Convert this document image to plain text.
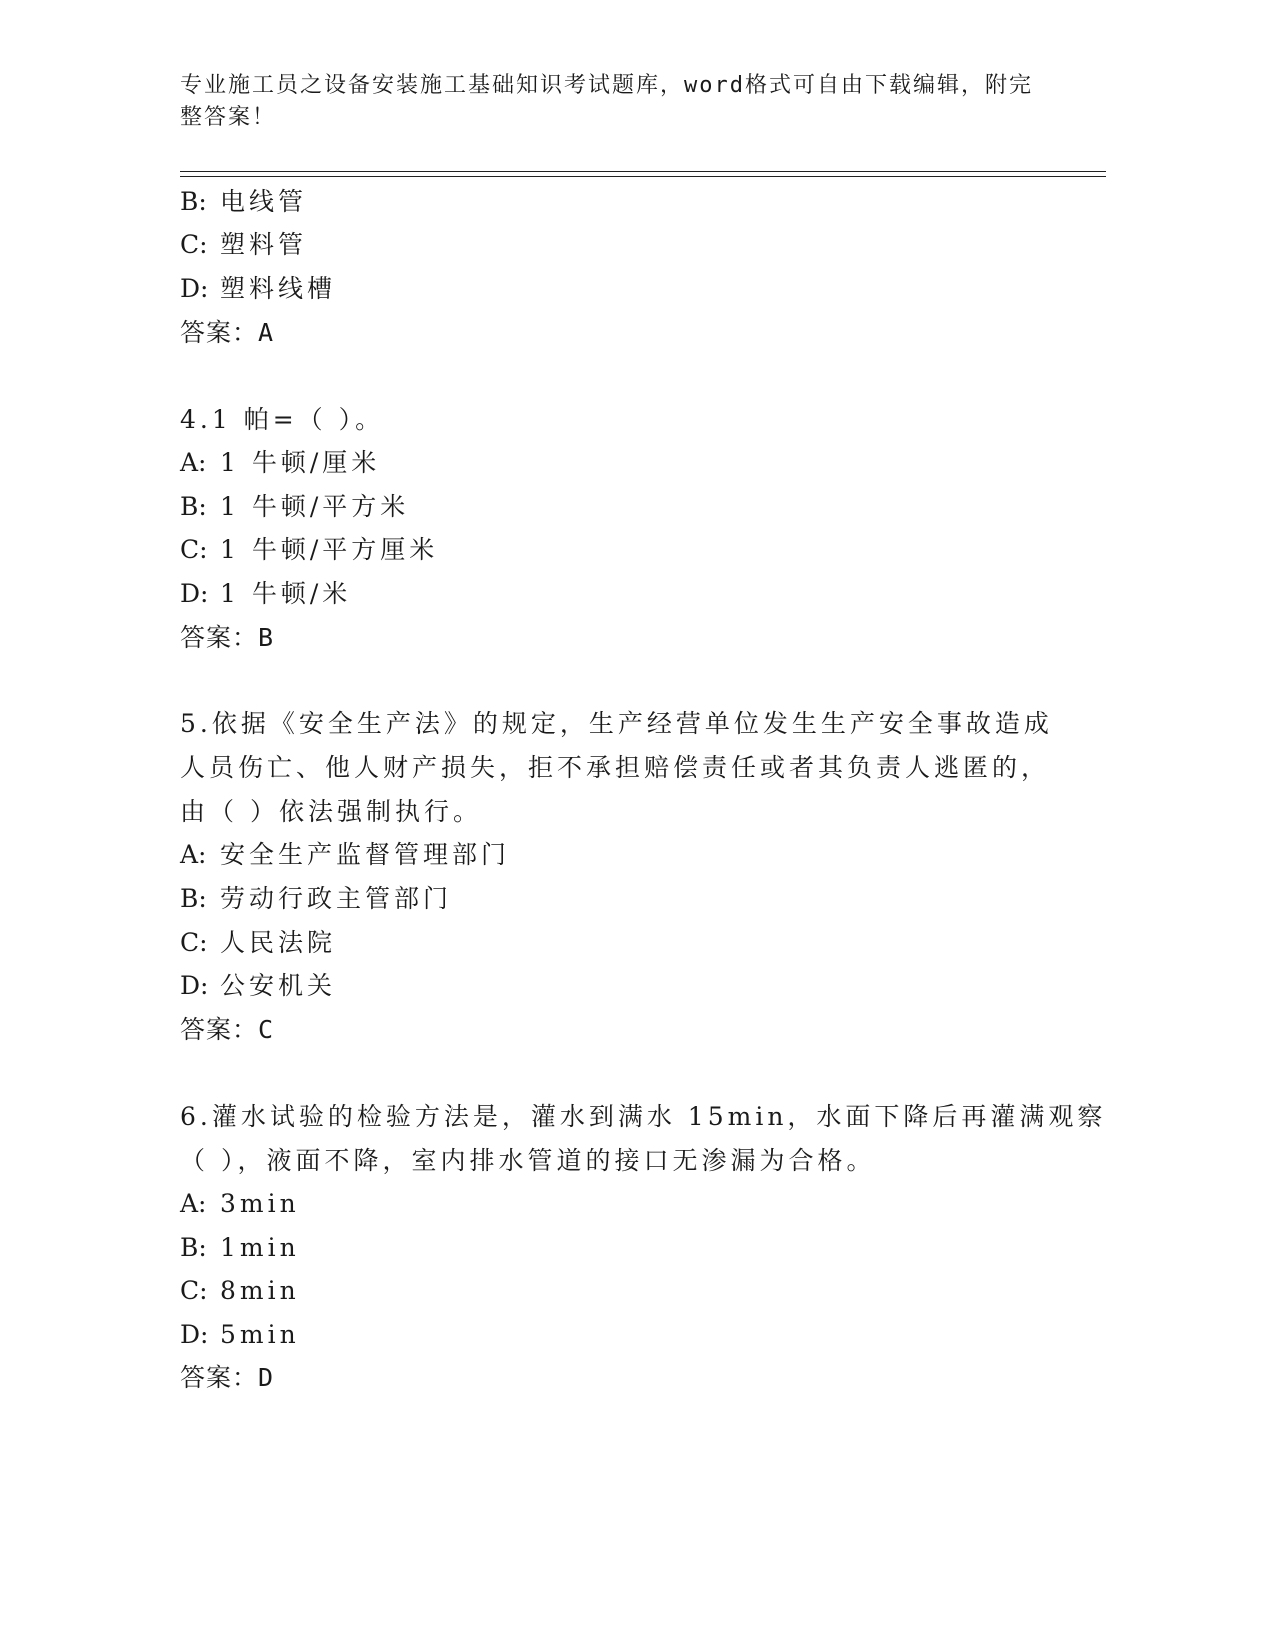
专业施工员之设备安装施工基础知识考试题库，word格式可自由下载编辑，附完
整答案！
B: 电线管
C: 塑料管
D: 塑料线槽
答案：A
4.1 帕=（ ）。
A: 1 牛顿/厘米
B: 1 牛顿/平方米
C: 1 牛顿/平方厘米
D: 1 牛顿/米
答案：B
5.依据《安全生产法》的规定，生产经营单位发生生产安全事故造成
人员伤亡、他人财产损失，拒不承担赔偿责任或者其负责人逃匿的，
由（ ）依法强制执行。
A: 安全生产监督管理部门
B: 劳动行政主管部门
C: 人民法院
D: 公安机关
答案：C
6.灌水试验的检验方法是，灌水到满水 15min，水面下降后再灌满观察
（ ），液面不降，室内排水管道的接口无渗漏为合格。
A: 3min
B: 1min
C: 8min
D: 5min
答案：D
